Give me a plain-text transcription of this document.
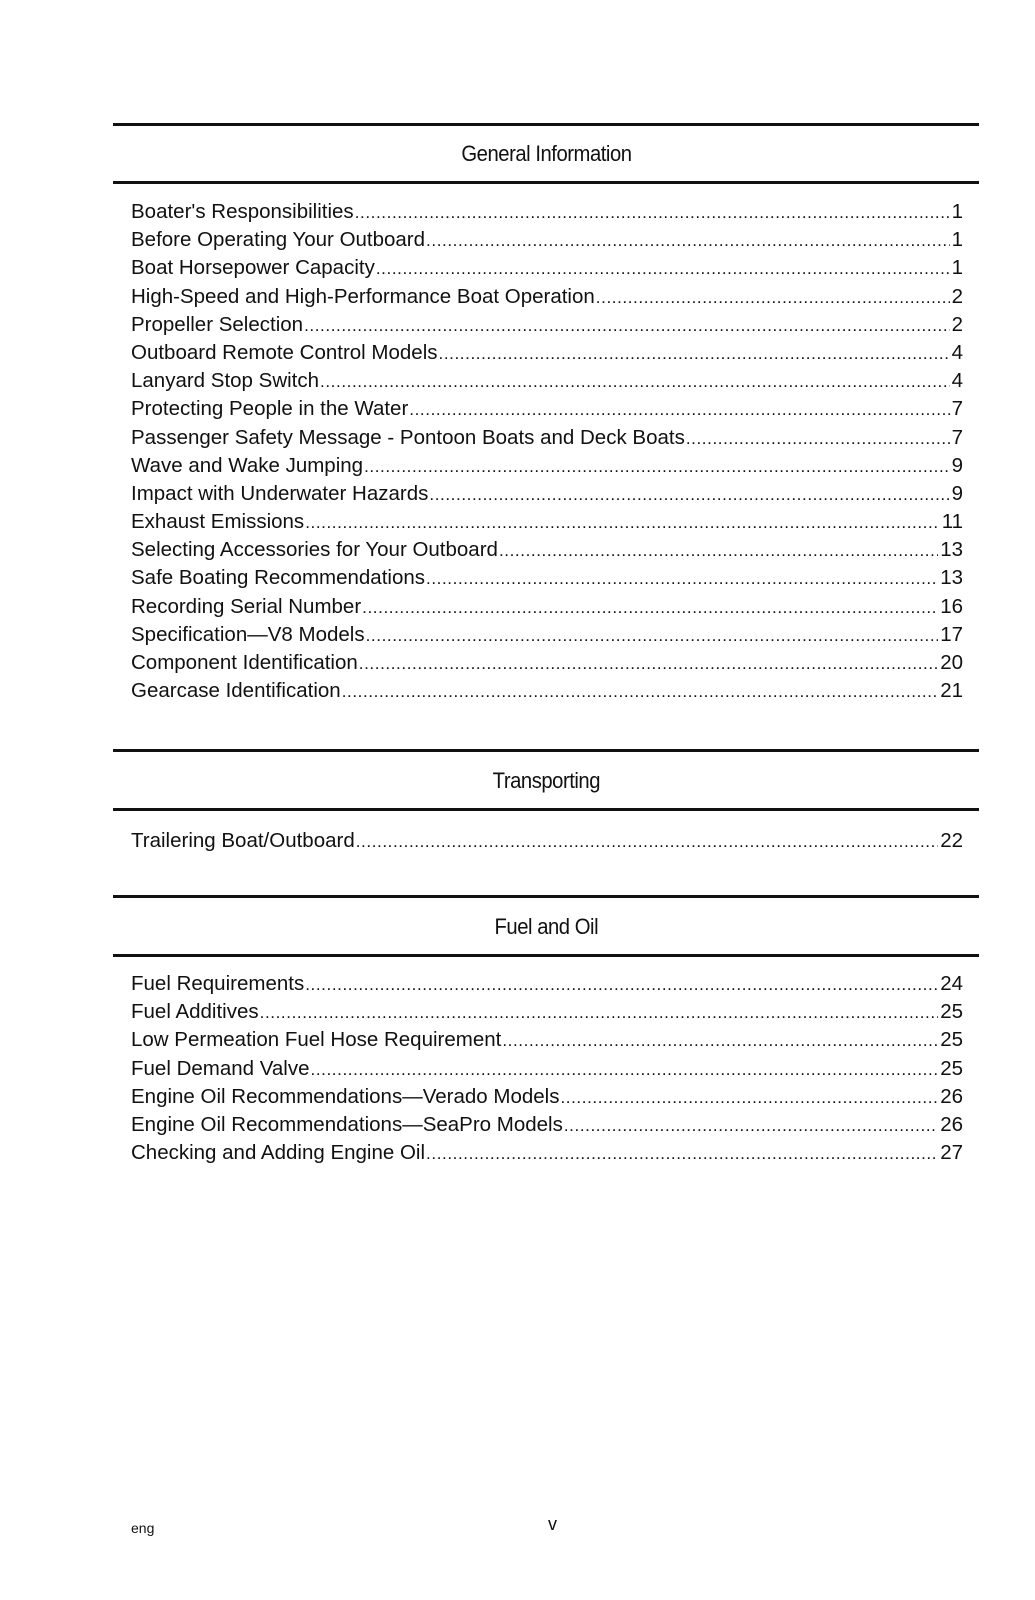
General Information
Boater's Responsibilities .....	1
Before Operating Your Outboard .....	1
Boat Horsepower Capacity .....	1
High-Speed and High-Performance Boat Operation .....	2
Propeller Selection .....	2
Outboard Remote Control Models .....	4
Lanyard Stop Switch .....	4
Protecting People in the Water .....	7
Passenger Safety Message - Pontoon Boats and Deck Boats .....	7
Wave and Wake Jumping .....	9
Impact with Underwater Hazards .....	9
Exhaust Emissions .....	11
Selecting Accessories for Your Outboard .....	13
Safe Boating Recommendations .....	13
Recording Serial Number .....	16
Specification—V8 Models .....	17
Component Identification .....	20
Gearcase Identification .....	21
Transporting
Trailering Boat/Outboard .....	22
Fuel and Oil
Fuel Requirements .....	24
Fuel Additives .....	25
Low Permeation Fuel Hose Requirement .....	25
Fuel Demand Valve .....	25
Engine Oil Recommendations—Verado Models .....	26
Engine Oil Recommendations—SeaPro Models .....	26
Checking and Adding Engine Oil .....	27
eng	v
